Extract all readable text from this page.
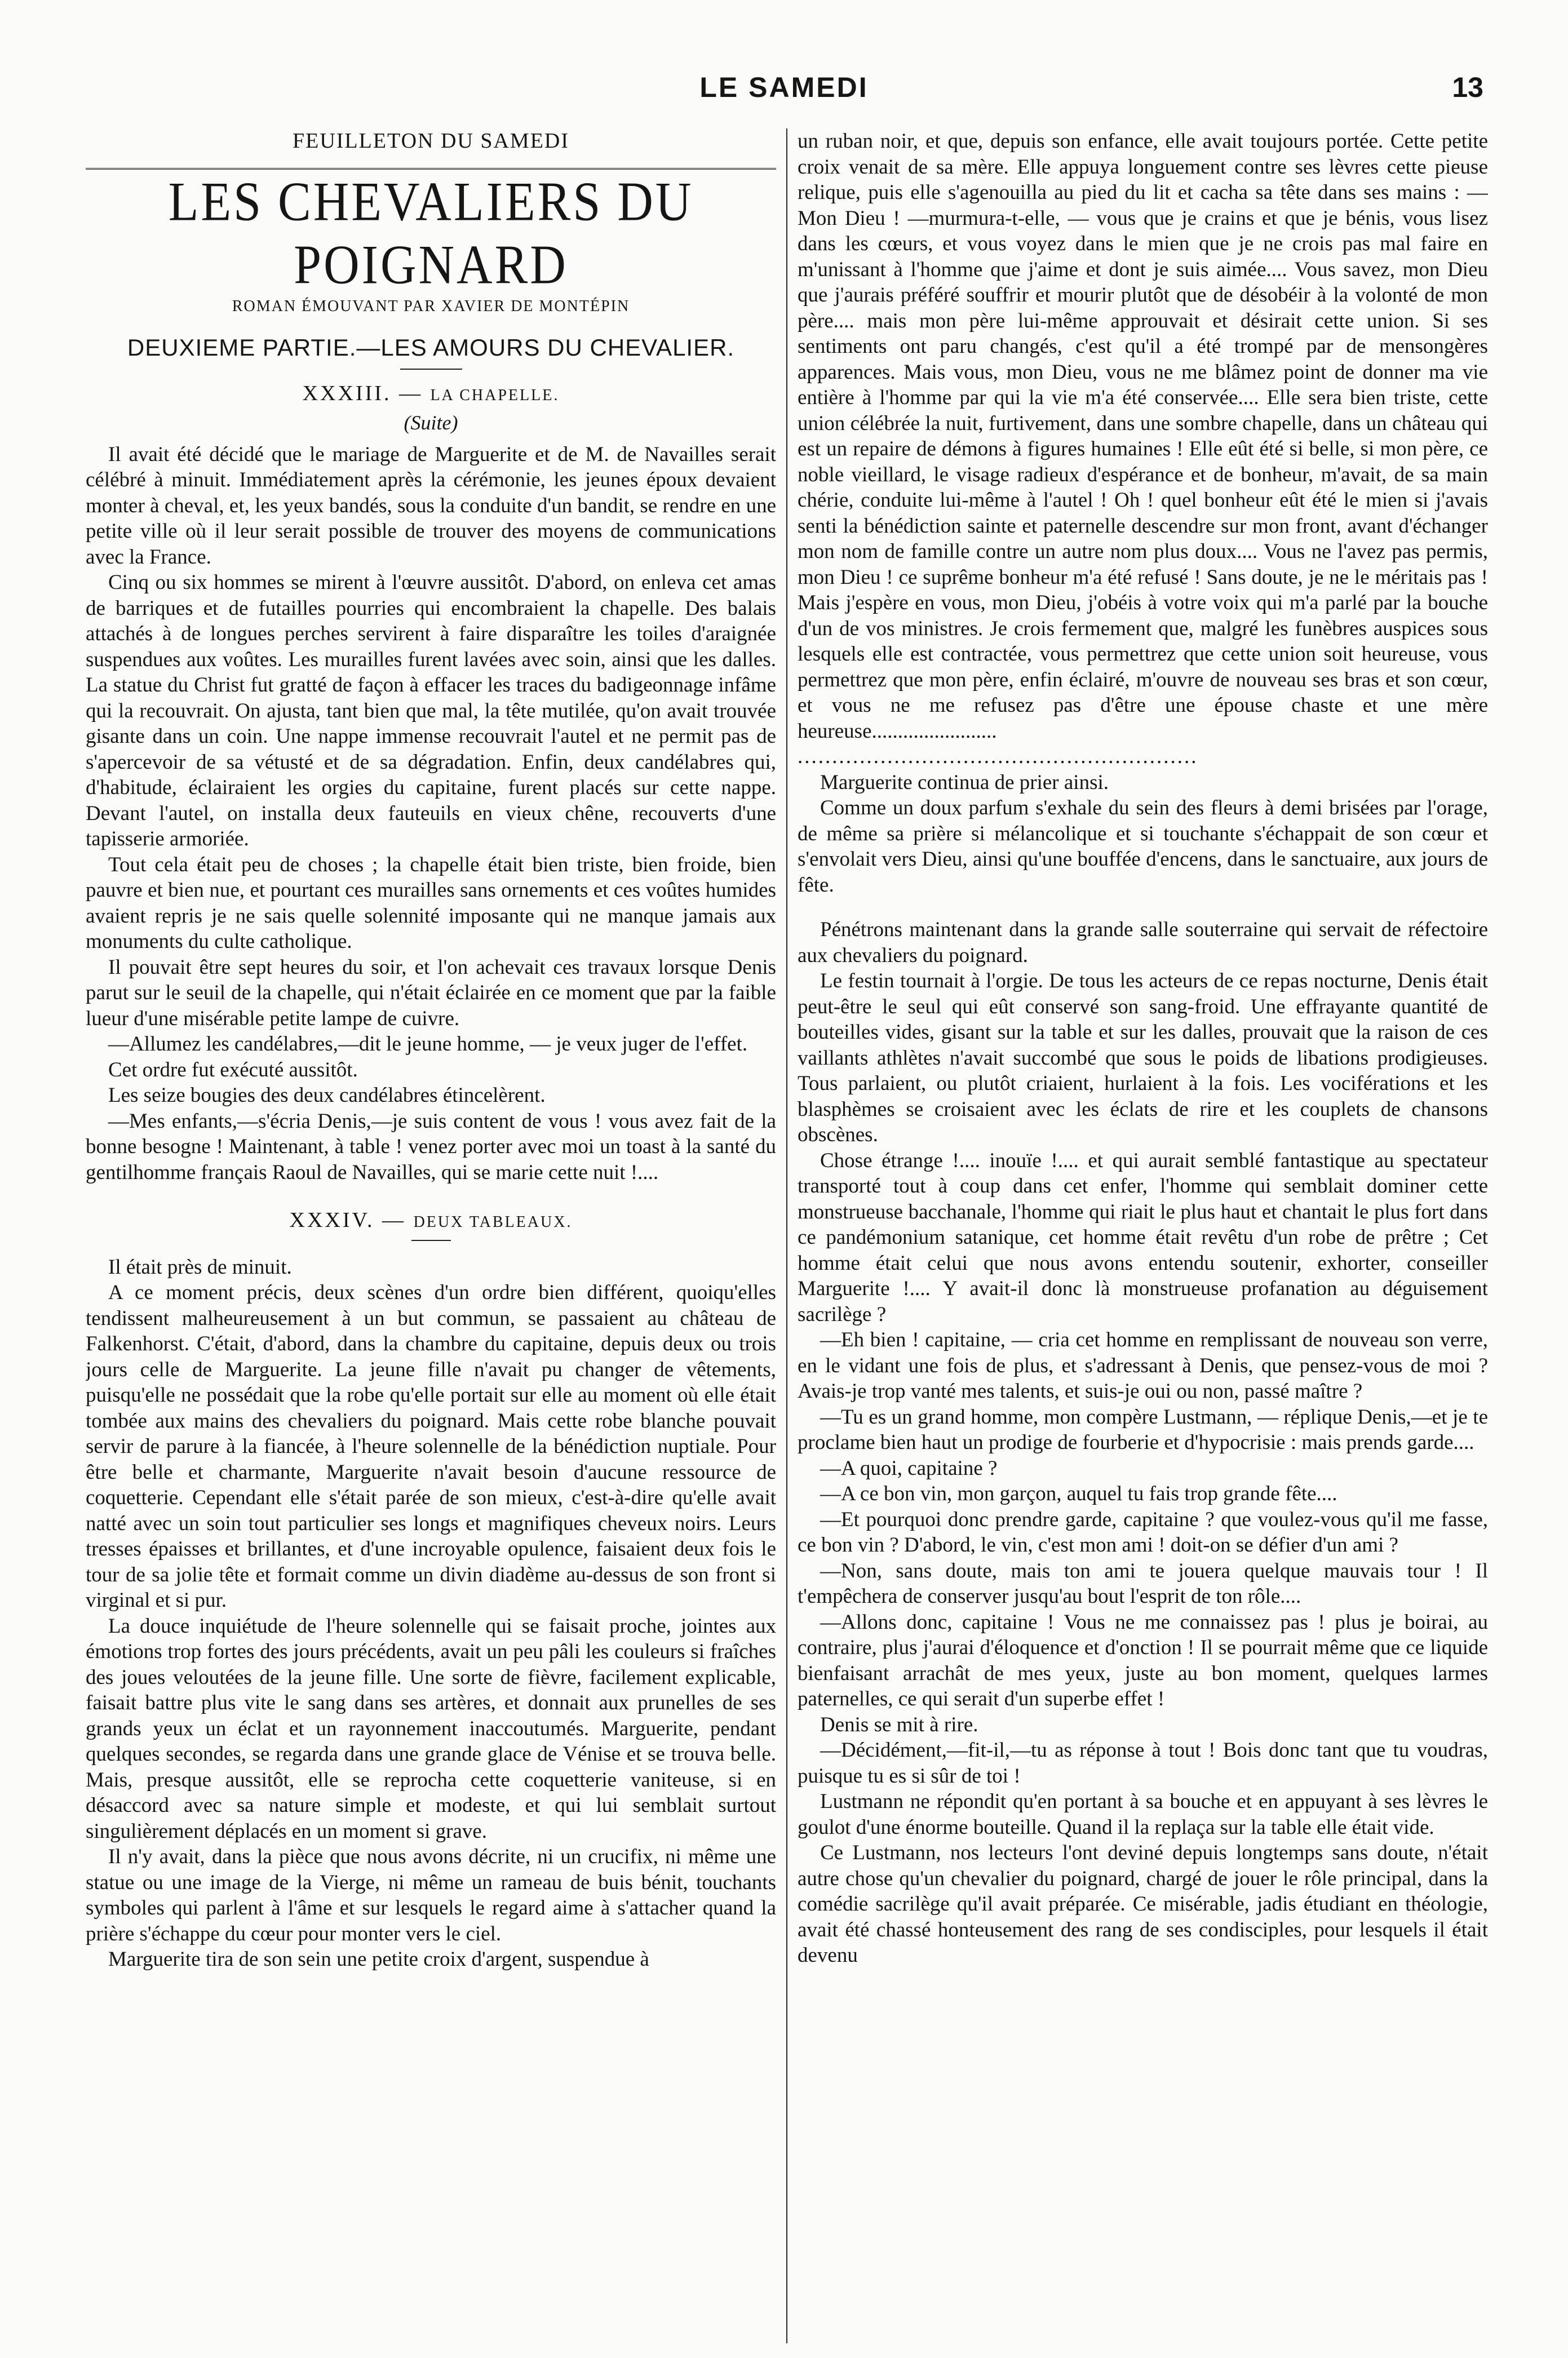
LE SAMEDI	13
FEUILLETON DU SAMEDI
LES CHEVALIERS DU POIGNARD
ROMAN ÉMOUVANT PAR XAVIER DE MONTÉPIN
DEUXIEME PARTIE.—LES AMOURS DU CHEVALIER.
XXXIII. — LA CHAPELLE.
(Suite)

Il avait été décidé que le mariage de Marguerite et de M. de Navailles serait célébré à minuit. Immédiatement après la cérémonie, les jeunes époux devaient monter à cheval, et, les yeux bandés, sous la conduite d'un bandit, se rendre en une petite ville où il leur serait possible de trouver des moyens de communications avec la France.

Cinq ou six hommes se mirent à l'œuvre aussitôt. D'abord, on enleva cet amas de barriques et de futailles pourries qui encombraient la chapelle. Des balais attachés à de longues perches servirent à faire disparaître les toiles d'araignée suspendues aux voûtes. Les murailles furent lavées avec soin, ainsi que les dalles. La statue du Christ fut gratté de façon à effacer les traces du badigeonnage infâme qui la recouvrait. On ajusta, tant bien que mal, la tête mutilée, qu'on avait trouvée gisante dans un coin. Une nappe immense recouvrait l'autel et ne permit pas de s'apercevoir de sa vétusté et de sa dégradation. Enfin, deux candélabres qui, d'habitude, éclairaient les orgies du capitaine, furent placés sur cette nappe. Devant l'autel, on installa deux fauteuils en vieux chêne, recouverts d'une tapisserie armoriée.

Tout cela était peu de choses ; la chapelle était bien triste, bien froide, bien pauvre et bien nue, et pourtant ces murailles sans ornements et ces voûtes humides avaient repris je ne sais quelle solennité imposante qui ne manque jamais aux monuments du culte catholique.

Il pouvait être sept heures du soir, et l'on achevait ces travaux lorsque Denis parut sur le seuil de la chapelle, qui n'était éclairée en ce moment que par la faible lueur d'une misérable petite lampe de cuivre.

—Allumez les candélabres,—dit le jeune homme, — je veux juger de l'effet.

Cet ordre fut exécuté aussitôt.

Les seize bougies des deux candélabres étincelèrent.

—Mes enfants,—s'écria Denis,—je suis content de vous ! vous avez fait de la bonne besogne ! Maintenant, à table ! venez porter avec moi un toast à la santé du gentilhomme français Raoul de Navailles, qui se marie cette nuit !....

XXXIV. — DEUX TABLEAUX.

Il était près de minuit.

A ce moment précis, deux scènes d'un ordre bien différent, quoiqu'elles tendissent malheureusement à un but commun, se passaient au château de Falkenhorst. C'était, d'abord, dans la chambre du capitaine, depuis deux ou trois jours celle de Marguerite. La jeune fille n'avait pu changer de vêtements, puisqu'elle ne possédait que la robe qu'elle portait sur elle au moment où elle était tombée aux mains des chevaliers du poignard. Mais cette robe blanche pouvait servir de parure à la fiancée, à l'heure solennelle de la bénédiction nuptiale. Pour être belle et charmante, Marguerite n'avait besoin d'aucune ressource de coquetterie. Cependant elle s'était parée de son mieux, c'est-à-dire qu'elle avait natté avec un soin tout particulier ses longs et magnifiques cheveux noirs. Leurs tresses épaisses et brillantes, et d'une incroyable opulence, faisaient deux fois le tour de sa jolie tête et formait comme un divin diadème au-dessus de son front si virginal et si pur.

La douce inquiétude de l'heure solennelle qui se faisait proche, jointes aux émotions trop fortes des jours précédents, avait un peu pâli les couleurs si fraîches des joues veloutées de la jeune fille. Une sorte de fièvre, facilement explicable, faisait battre plus vite le sang dans ses artères, et donnait aux prunelles de ses grands yeux un éclat et un rayonnement inaccoutumés. Marguerite, pendant quelques secondes, se regarda dans une grande glace de Vénise et se trouva belle. Mais, presque aussitôt, elle se reprocha cette coquetterie vaniteuse, si en désaccord avec sa nature simple et modeste, et qui lui semblait surtout singulièrement déplacés en un moment si grave.

Il n'y avait, dans la pièce que nous avons décrite, ni un crucifix, ni même une statue ou une image de la Vierge, ni même un rameau de buis bénit, touchants symboles qui parlent à l'âme et sur lesquels le regard aime à s'attacher quand la prière s'échappe du cœur pour monter vers le ciel.

Marguerite tira de son sein une petite croix d'argent, suspendue à

un ruban noir, et que, depuis son enfance, elle avait toujours portée. Cette petite croix venait de sa mère. Elle appuya longuement contre ses lèvres cette pieuse relique, puis elle s'agenouilla au pied du lit et cacha sa tête dans ses mains : — Mon Dieu ! —murmura-t-elle, — vous que je crains et que je bénis, vous lisez dans les cœurs, et vous voyez dans le mien que je ne crois pas mal faire en m'unissant à l'homme que j'aime et dont je suis aimée.... Vous savez, mon Dieu que j'aurais préféré souffrir et mourir plutôt que de désobéir à la volonté de mon père.... mais mon père lui-même approuvait et désirait cette union. Si ses sentiments ont paru changés, c'est qu'il a été trompé par de mensongères apparences. Mais vous, mon Dieu, vous ne me blâmez point de donner ma vie entière à l'homme par qui la vie m'a été conservée.... Elle sera bien triste, cette union célébrée la nuit, furtivement, dans une sombre chapelle, dans un château qui est un repaire de démons à figures humaines ! Elle eût été si belle, si mon père, ce noble vieillard, le visage radieux d'espérance et de bonheur, m'avait, de sa main chérie, conduite lui-même à l'autel ! Oh ! quel bonheur eût été le mien si j'avais senti la bénédiction sainte et paternelle descendre sur mon front, avant d'échanger mon nom de famille contre un autre nom plus doux.... Vous ne l'avez pas permis, mon Dieu ! ce suprême bonheur m'a été refusé ! Sans doute, je ne le méritais pas ! Mais j'espère en vous, mon Dieu, j'obéis à votre voix qui m'a parlé par la bouche d'un de vos ministres. Je crois fermement que, malgré les funèbres auspices sous lesquels elle est contractée, vous permettrez que cette union soit heureuse, vous permettrez que mon père, enfin éclairé, m'ouvre de nouveau ses bras et son cœur, et vous ne me refusez pas d'être une épouse chaste et une mère heureuse........................

..........................................................

Marguerite continua de prier ainsi.

Comme un doux parfum s'exhale du sein des fleurs à demi brisées par l'orage, de même sa prière si mélancolique et si touchante s'échappait de son cœur et s'envolait vers Dieu, ainsi qu'une bouffée d'encens, dans le sanctuaire, aux jours de fête.

Pénétrons maintenant dans la grande salle souterraine qui servait de réfectoire aux chevaliers du poignard.

Le festin tournait à l'orgie. De tous les acteurs de ce repas nocturne, Denis était peut-être le seul qui eût conservé son sang-froid. Une effrayante quantité de bouteilles vides, gisant sur la table et sur les dalles, prouvait que la raison de ces vaillants athlètes n'avait succombé que sous le poids de libations prodigieuses. Tous parlaient, ou plutôt criaient, hurlaient à la fois. Les vociférations et les blasphèmes se croisaient avec les éclats de rire et les couplets de chansons obscènes.

Chose étrange !.... inouïe !.... et qui aurait semblé fantastique au spectateur transporté tout à coup dans cet enfer, l'homme qui semblait dominer cette monstrueuse bacchanale, l'homme qui riait le plus haut et chantait le plus fort dans ce pandémonium satanique, cet homme était revêtu d'un robe de prêtre ; Cet homme était celui que nous avons entendu soutenir, exhorter, conseiller Marguerite !.... Y avait-il donc là monstrueuse profanation au déguisement sacrilège ?

—Eh bien ! capitaine, — cria cet homme en remplissant de nouveau son verre, en le vidant une fois de plus, et s'adressant à Denis, que pensez-vous de moi ? Avais-je trop vanté mes talents, et suis-je oui ou non, passé maître ?

—Tu es un grand homme, mon compère Lustmann, — réplique Denis,—et je te proclame bien haut un prodige de fourberie et d'hypocrisie : mais prends garde....

—A quoi, capitaine ?

—A ce bon vin, mon garçon, auquel tu fais trop grande fête....

—Et pourquoi donc prendre garde, capitaine ? que voulez-vous qu'il me fasse, ce bon vin ? D'abord, le vin, c'est mon ami ! doit-on se défier d'un ami ?

—Non, sans doute, mais ton ami te jouera quelque mauvais tour ! Il t'empêchera de conserver jusqu'au bout l'esprit de ton rôle....

—Allons donc, capitaine ! Vous ne me connaissez pas ! plus je boirai, au contraire, plus j'aurai d'éloquence et d'onction ! Il se pourrait même que ce liquide bienfaisant arrachât de mes yeux, juste au bon moment, quelques larmes paternelles, ce qui serait d'un superbe effet !

Denis se mit à rire.

—Décidément,—fit-il,—tu as réponse à tout ! Bois donc tant que tu voudras, puisque tu es si sûr de toi !

Lustmann ne répondit qu'en portant à sa bouche et en appuyant à ses lèvres le goulot d'une énorme bouteille. Quand il la replaça sur la table elle était vide.

Ce Lustmann, nos lecteurs l'ont deviné depuis longtemps sans doute, n'était autre chose qu'un chevalier du poignard, chargé de jouer le rôle principal, dans la comédie sacrilège qu'il avait préparée. Ce misérable, jadis étudiant en théologie, avait été chassé honteusement des rang de ses condisciples, pour lesquels il était devenu
